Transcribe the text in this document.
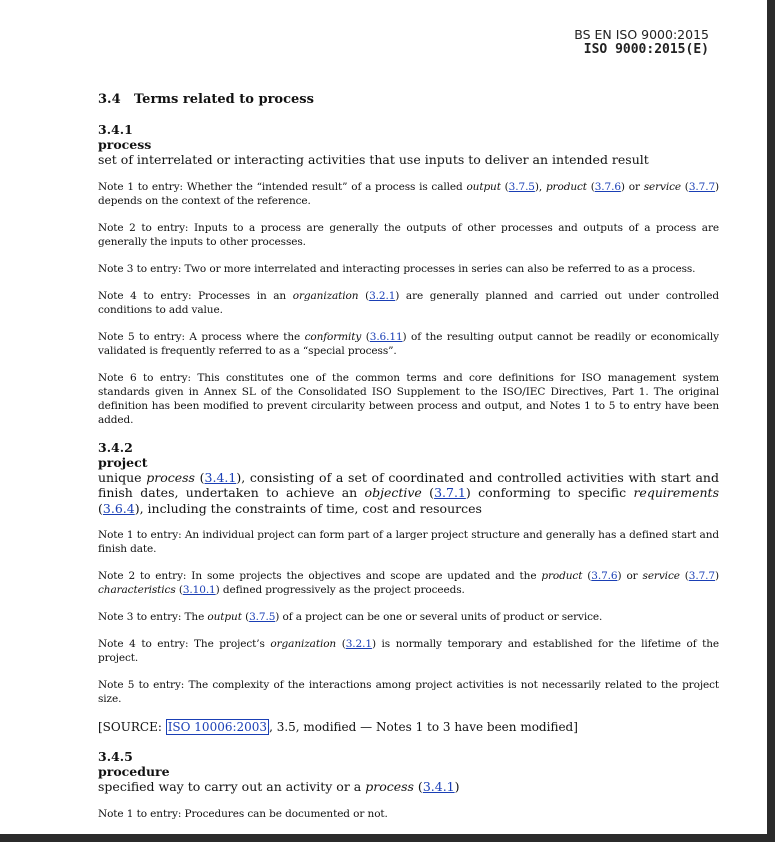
BS EN ISO 9000:2015
ISO 9000:2015(E)
3.4 Terms related to process
3.4.1
process
set of interrelated or interacting activities that use inputs to deliver an intended result
Note 1 to entry: Whether the “intended result” of a process is called output (3.7.5), product (3.7.6) or service (3.7.7) depends on the context of the reference.
Note 2 to entry: Inputs to a process are generally the outputs of other processes and outputs of a process are generally the inputs to other processes.
Note 3 to entry: Two or more interrelated and interacting processes in series can also be referred to as a process.
Note 4 to entry: Processes in an organization (3.2.1) are generally planned and carried out under controlled conditions to add value.
Note 5 to entry: A process where the conformity (3.6.11) of the resulting output cannot be readily or economically validated is frequently referred to as a “special process”.
Note 6 to entry: This constitutes one of the common terms and core definitions for ISO management system standards given in Annex SL of the Consolidated ISO Supplement to the ISO/IEC Directives, Part 1. The original definition has been modified to prevent circularity between process and output, and Notes 1 to 5 to entry have been added.
3.4.2
project
unique process (3.4.1), consisting of a set of coordinated and controlled activities with start and finish dates, undertaken to achieve an objective (3.7.1) conforming to specific requirements (3.6.4), including the constraints of time, cost and resources
Note 1 to entry: An individual project can form part of a larger project structure and generally has a defined start and finish date.
Note 2 to entry: In some projects the objectives and scope are updated and the product (3.7.6) or service (3.7.7) characteristics (3.10.1) defined progressively as the project proceeds.
Note 3 to entry: The output (3.7.5) of a project can be one or several units of product or service.
Note 4 to entry: The project’s organization (3.2.1) is normally temporary and established for the lifetime of the project.
Note 5 to entry: The complexity of the interactions among project activities is not necessarily related to the project size.
[SOURCE: ISO 10006:2003 , 3.5, modified — Notes 1 to 3 have been modified]
3.4.5
procedure
specified way to carry out an activity or a process (3.4.1)
Note 1 to entry: Procedures can be documented or not.
